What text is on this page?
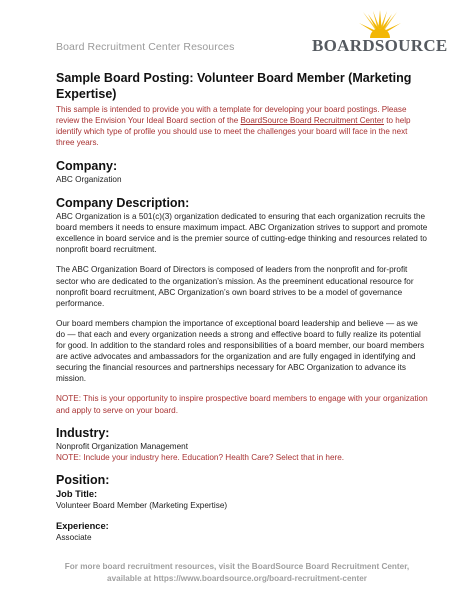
Board Recruitment Center Resources	BOARDSOURCE
Sample Board Posting: Volunteer Board Member (Marketing Expertise)

This sample is intended to provide you with a template for developing your board postings. Please review the Envision Your Ideal Board section of the BoardSource Board Recruitment Center to help identify which type of profile you should use to meet the challenges your board will face in the next three years.

Company:

ABC Organization

Company Description:

ABC Organization is a 501(c)(3) organization dedicated to ensuring that each organization recruits the board members it needs to ensure maximum impact. ABC Organization strives to support and promote excellence in board service and is the premier source of cutting-edge thinking and resources related to nonprofit board recruitment.

The ABC Organization Board of Directors is composed of leaders from the nonprofit and for-profit sector who are dedicated to the organization’s mission. As the preeminent educational resource for nonprofit board recruitment, ABC Organization’s own board strives to be a model of governance performance.

Our board members champion the importance of exceptional board leadership and believe — as we do — that each and every organization needs a strong and effective board to fully realize its potential for good. In addition to the standard roles and responsibilities of a board member, our board members are active advocates and ambassadors for the organization and are fully engaged in identifying and securing the financial resources and partnerships necessary for ABC Organization to advance its mission.

NOTE: This is your opportunity to inspire prospective board members to engage with your organization and apply to serve on your board.

Industry:

Nonprofit Organization Management

NOTE: Include your industry here. Education? Health Care? Select that in here.

Position:
Job Title:

Volunteer Board Member (Marketing Expertise)

Experience:

Associate

For more board recruitment resources, visit the BoardSource Board Recruitment Center,
available at https://www.boardsource.org/board-recruitment-center
